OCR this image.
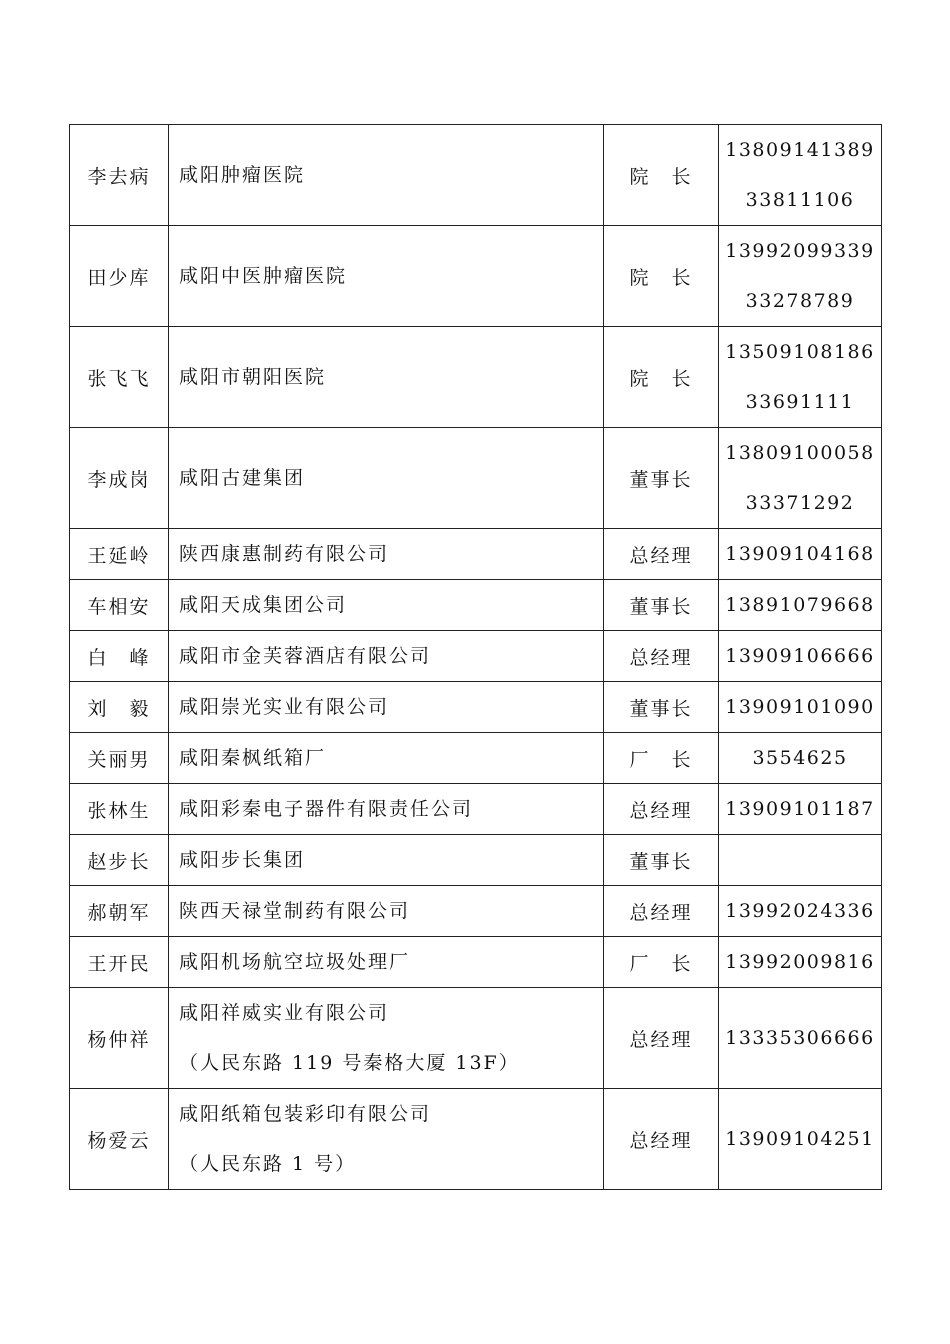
李去病	咸阳肿瘤医院	院　长	13809141389
33811106

田少库	咸阳中医肿瘤医院	院　长	13992099339
33278789

张飞飞	咸阳市朝阳医院	院　长	13509108186
33691111

李成岗	咸阳古建集团	董事长	13809100058
33371292

王延岭	陕西康惠制药有限公司	总经理	13909104168

车相安	咸阳天成集团公司	董事长	13891079668

白　峰	咸阳市金芙蓉酒店有限公司	总经理	13909106666

刘　毅	咸阳崇光实业有限公司	董事长	13909101090

关丽男	咸阳秦枫纸箱厂	厂　长	3554625

张林生	咸阳彩秦电子器件有限责任公司	总经理	13909101187

赵步长	咸阳步长集团	董事长	

郝朝军	陕西天禄堂制药有限公司	总经理	13992024336

王开民	咸阳机场航空垃圾处理厂	厂　长	13992009816

杨仲祥	咸阳祥威实业有限公司
（人民东路 119 号秦格大厦 13F）	总经理	13335306666

杨爱云	咸阳纸箱包装彩印有限公司
（人民东路 1 号）	总经理	13909104251
